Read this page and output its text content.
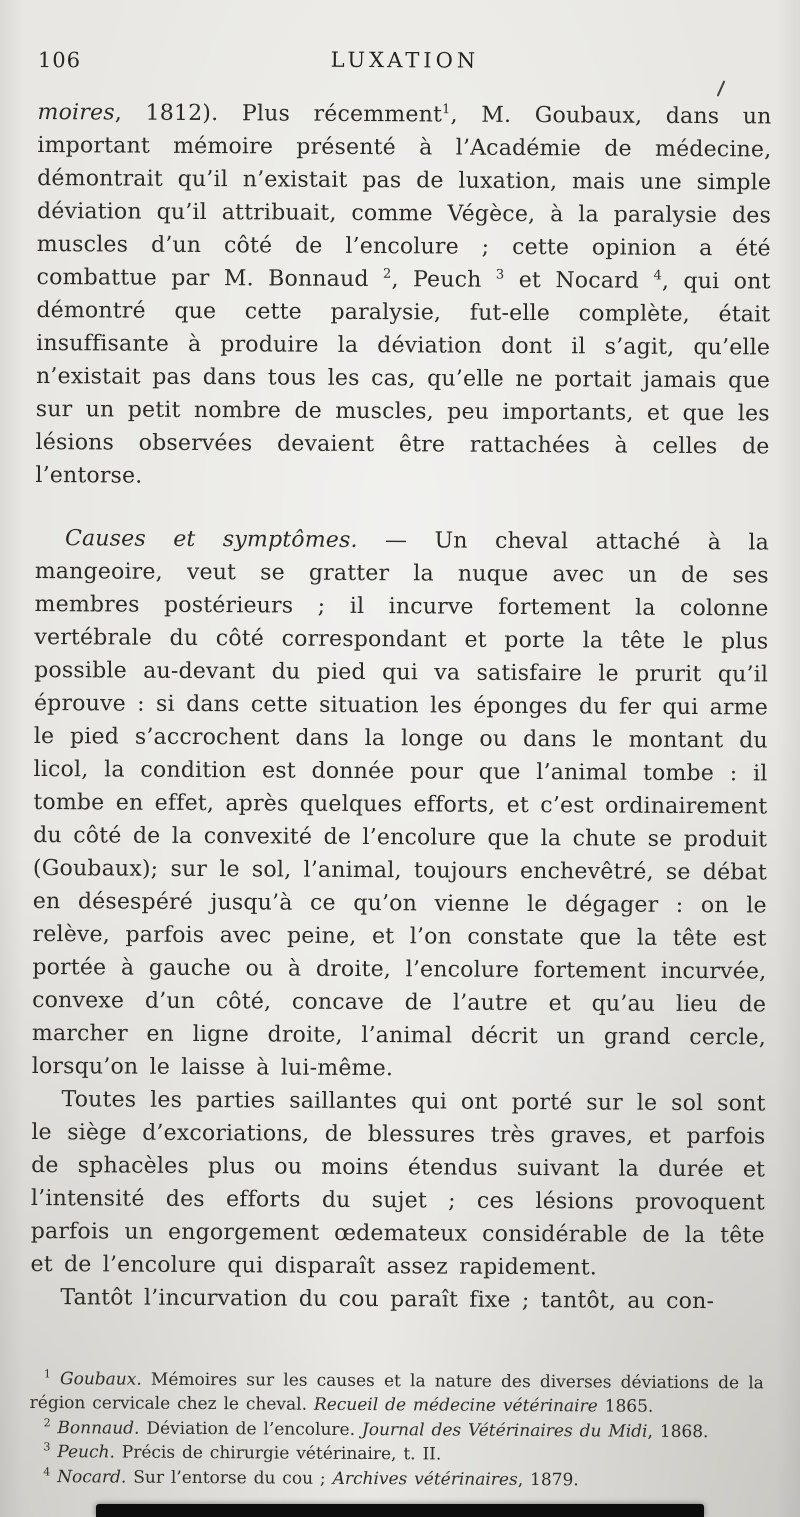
106	LUXATION

moires, 1812). Plus récemment$^1$, M. Goubaux, dans un important mémoire présenté à l’Académie de médecine, démontrait qu’il n’existait pas de luxation, mais une simple déviation qu’il attribuait, comme Végèce, à la paralysie des muscles d’un côté de l’encolure ; cette opinion a été combattue par M. Bonnaud $^2$, Peuch $^3$ et Nocard $^4$, qui ont démontré que cette paralysie, fut-elle complète, était insuffisante à produire la déviation dont il s’agit, qu’elle n’existait pas dans tous les cas, qu’elle ne portait jamais que sur un petit nombre de muscles, peu importants, et que les lésions observées devaient être rattachées à celles de l’entorse.

Causes et symptômes. — Un cheval attaché à la mangeoire, veut se gratter la nuque avec un de ses membres postérieurs ; il incurve fortement la colonne vertébrale du côté correspondant et porte la tête le plus possible au-devant du pied qui va satisfaire le prurit qu’il éprouve : si dans cette situation les éponges du fer qui arme le pied s’accrochent dans la longe ou dans le montant du licol, la condition est donnée pour que l’animal tombe : il tombe en effet, après quelques efforts, et c’est ordinairement du côté de la convexité de l’encolure que la chute se produit (Goubaux); sur le sol, l’animal, toujours enchevêtré, se débat en désespéré jusqu’à ce qu’on vienne le dégager : on le relève, parfois avec peine, et l’on constate que la tête est portée à gauche ou à droite, l’encolure fortement incurvée, convexe d’un côté, concave de l’autre et qu’au lieu de marcher en ligne droite, l’animal décrit un grand cercle, lorsqu’on le laisse à lui-même.

Toutes les parties saillantes qui ont porté sur le sol sont le siège d’excoriations, de blessures très graves, et parfois de sphacèles plus ou moins étendus suivant la durée et l’intensité des efforts du sujet ; ces lésions provoquent parfois un engorgement œdemateux considérable de la tête et de l’encolure qui disparaît assez rapidement.

Tantôt l’incurvation du cou paraît fixe ; tantôt, au con-

$^1$ Goubaux. Mémoires sur les causes et la nature des diverses déviations de la région cervicale chez le cheval. Recueil de médecine vétérinaire 1865.

$^2$ Bonnaud. Déviation de l’encolure. Journal des Vétérinaires du Midi, 1868.

$^3$ Peuch. Précis de chirurgie vétérinaire, t. II.

$^4$ Nocard. Sur l’entorse du cou ; Archives vétérinaires, 1879.
